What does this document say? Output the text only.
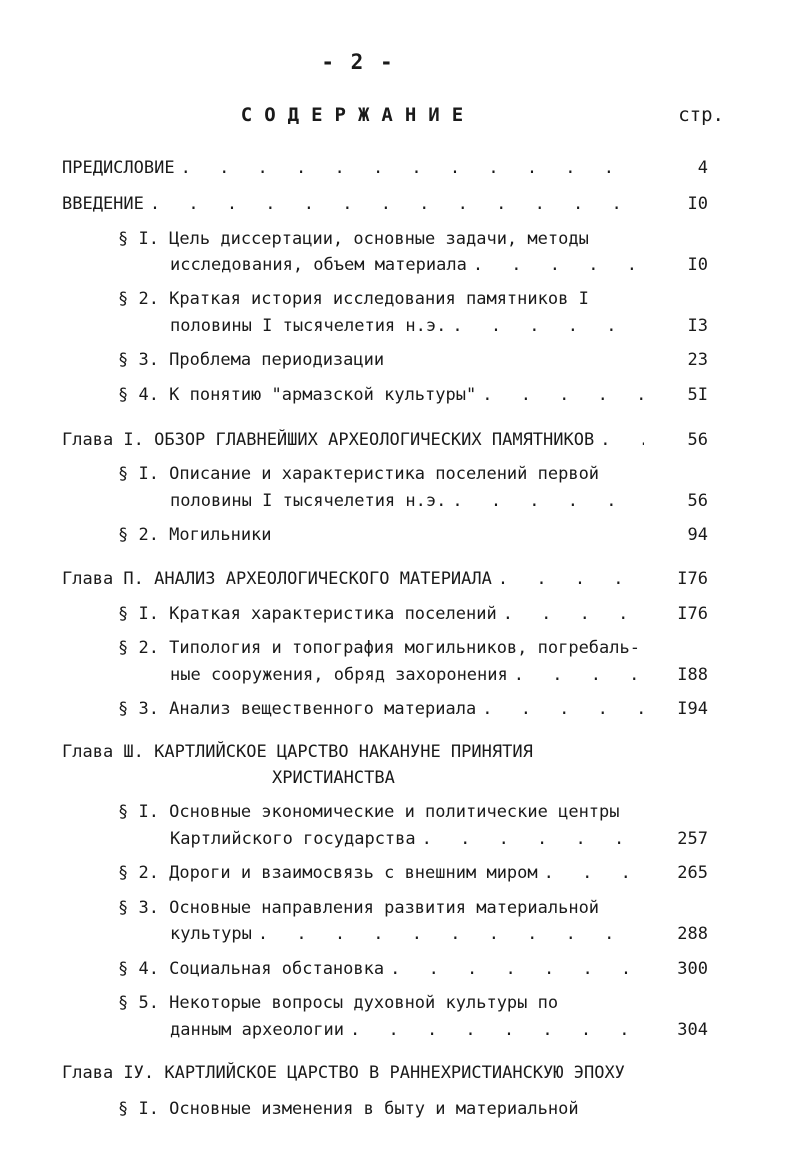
- 2 -
СОДЕРЖАНИЕ	стр.
ПРЕДИСЛОВИЕ . . .	4
ВВЕДЕНИЕ . . .	I0
§ I. Цель диссертации, основные задачи, методы
исследования, объем материала . . .	I0
§ 2. Краткая история исследования памятников I
половины I тысячелетия н.э. . . .	I3
§ 3. Проблема периодизации	23
§ 4. К понятию "армазской культуры" . . .	5I
Глава I. ОБЗОР ГЛАВНЕЙШИХ АРХЕОЛОГИЧЕСКИХ ПАМЯТНИКОВ . . .	56
§ I. Описание и характеристика поселений первой
половины I тысячелетия н.э. . . .	56
§ 2. Могильники	94
Глава П. АНАЛИЗ АРХЕОЛОГИЧЕСКОГО МАТЕРИАЛА . . .	I76
§ I. Краткая характеристика поселений . . .	I76
§ 2. Типология и топография могильников, погребаль-
ные сооружения, обряд захоронения . . .	I88
§ 3. Анализ вещественного материала . . .	I94
Глава Ш. КАРТЛИЙСКОЕ ЦАРСТВО НАКАНУНЕ ПРИНЯТИЯ
ХРИСТИАНСТВА
§ I. Основные экономические и политические центры
Картлийского государства . . .	257
§ 2. Дороги и взаимосвязь с внешним миром . . .	265
§ 3. Основные направления развития материальной
культуры . . .	288
§ 4. Социальная обстановка . . .	300
§ 5. Некоторые вопросы духовной культуры по
данным археологии . . .	304
Глава IУ. КАРТЛИЙСКОЕ ЦАРСТВО В РАННЕХРИСТИАНСКУЮ ЭПОХУ
§ I. Основные изменения в быту и материальной
